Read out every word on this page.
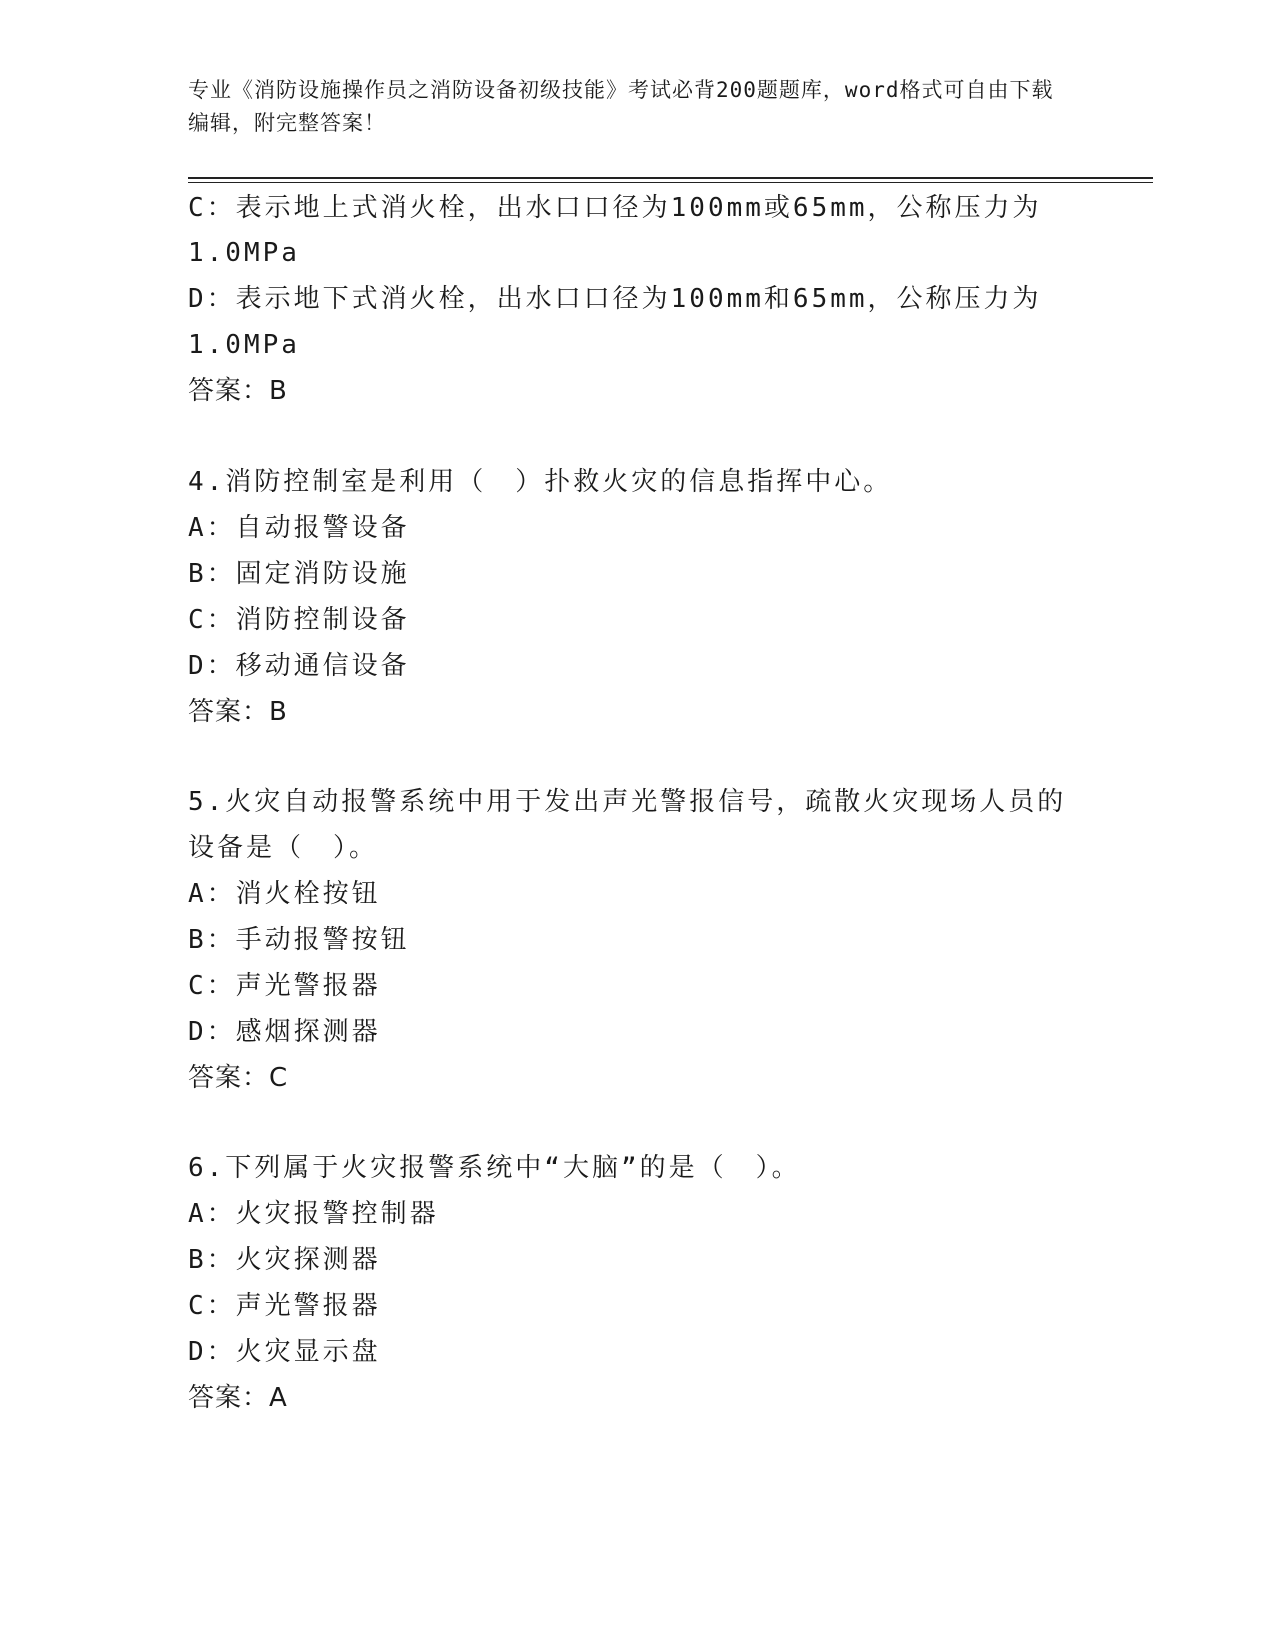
专业《消防设施操作员之消防设备初级技能》考试必背200题题库，word格式可自由下载编辑，附完整答案！
C：表示地上式消火栓，出水口口径为100mm或65mm，公称压力为
1.0MPa
D：表示地下式消火栓，出水口口径为100mm和65mm，公称压力为
1.0MPa
答案：B
4.消防控制室是利用（　）扑救火灾的信息指挥中心。
A：自动报警设备
B：固定消防设施
C：消防控制设备
D：移动通信设备
答案：B
5.火灾自动报警系统中用于发出声光警报信号，疏散火灾现场人员的
设备是（　）。
A：消火栓按钮
B：手动报警按钮
C：声光警报器
D：感烟探测器
答案：C
6.下列属于火灾报警系统中“大脑”的是（　）。
A：火灾报警控制器
B：火灾探测器
C：声光警报器
D：火灾显示盘
答案：A
